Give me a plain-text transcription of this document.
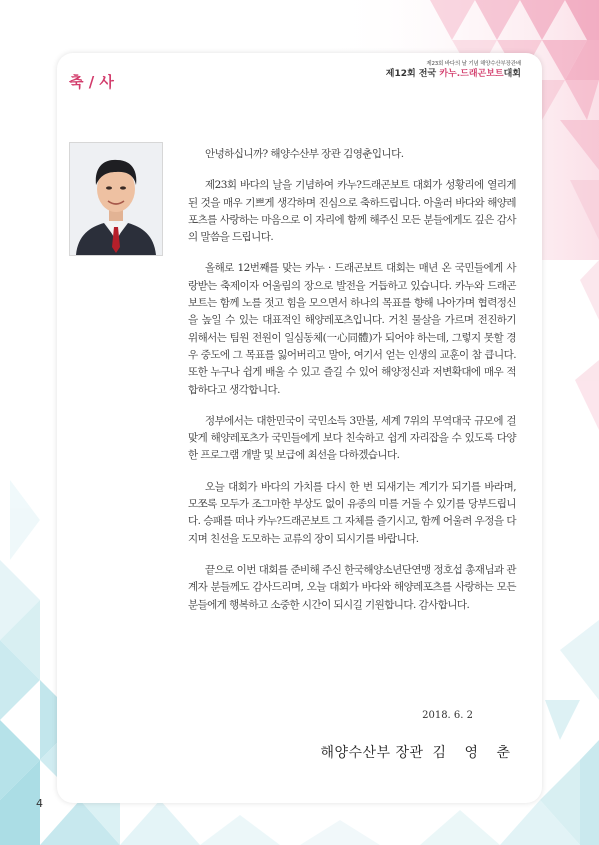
축 / 사
제23회 바다의 날 기념 해양수산부장관배
제12회 전국 카누.드래곤보트대회

안녕하십니까? 해양수산부 장관 김영춘입니다.

제23회 바다의 날을 기념하여 카누?드래곤보트 대회가 성황리에 열리게 된 것을 매우 기쁘게 생각하며 진심으로 축하드립니다. 아울러 바다와 해양레포츠를 사랑하는 마음으로 이 자리에 함께 해주신 모든 분들에게도 깊은 감사의 말씀을 드립니다.

올해로 12번째를 맞는 카누 · 드래곤보트 대회는 매년 온 국민들에게 사랑받는 축제이자 어울림의 장으로 발전을 거듭하고 있습니다. 카누와 드래곤보트는 함께 노를 젓고 힘을 모으면서 하나의 목표를 향해 나아가며 협력정신을 높일 수 있는 대표적인 해양레포츠입니다. 거친 물살을 가르며 전진하기 위해서는 팀원 전원이 일심동체(一心同體)가 되어야 하는데, 그렇지 못할 경우 중도에 그 목표를 잃어버리고 말아, 여기서 얻는 인생의 교훈이 참 큽니다. 또한 누구나 쉽게 배울 수 있고 즐길 수 있어 해양정신과 저변확대에 매우 적합하다고 생각합니다.

정부에서는 대한민국이 국민소득 3만불, 세계 7위의 무역대국 규모에 걸맞게 해양레포츠가 국민들에게 보다 친숙하고 쉽게 자리잡을 수 있도록 다양한 프로그램 개발 및 보급에 최선을 다하겠습니다.

오늘 대회가 바다의 가치를 다시 한 번 되새기는 계기가 되기를 바라며, 모쪼록 모두가 조그마한 부상도 없이 유종의 미를 거둘 수 있기를 당부드립니다. 승패를 떠나 카누?드래곤보트 그 자체를 즐기시고, 함께 어울려 우정을 다지며 친선을 도모하는 교류의 장이 되시기를 바랍니다.

끝으로 이번 대회를 준비해 주신 한국해양소년단연맹 정호섭 총재님과 관계자 분들께도 감사드리며, 오늘 대회가 바다와 해양레포츠를 사랑하는 모든 분들에게 행복하고 소중한 시간이 되시길 기원합니다. 감사합니다.

2018. 6. 2
해양수산부 장관 김 영 춘
4
